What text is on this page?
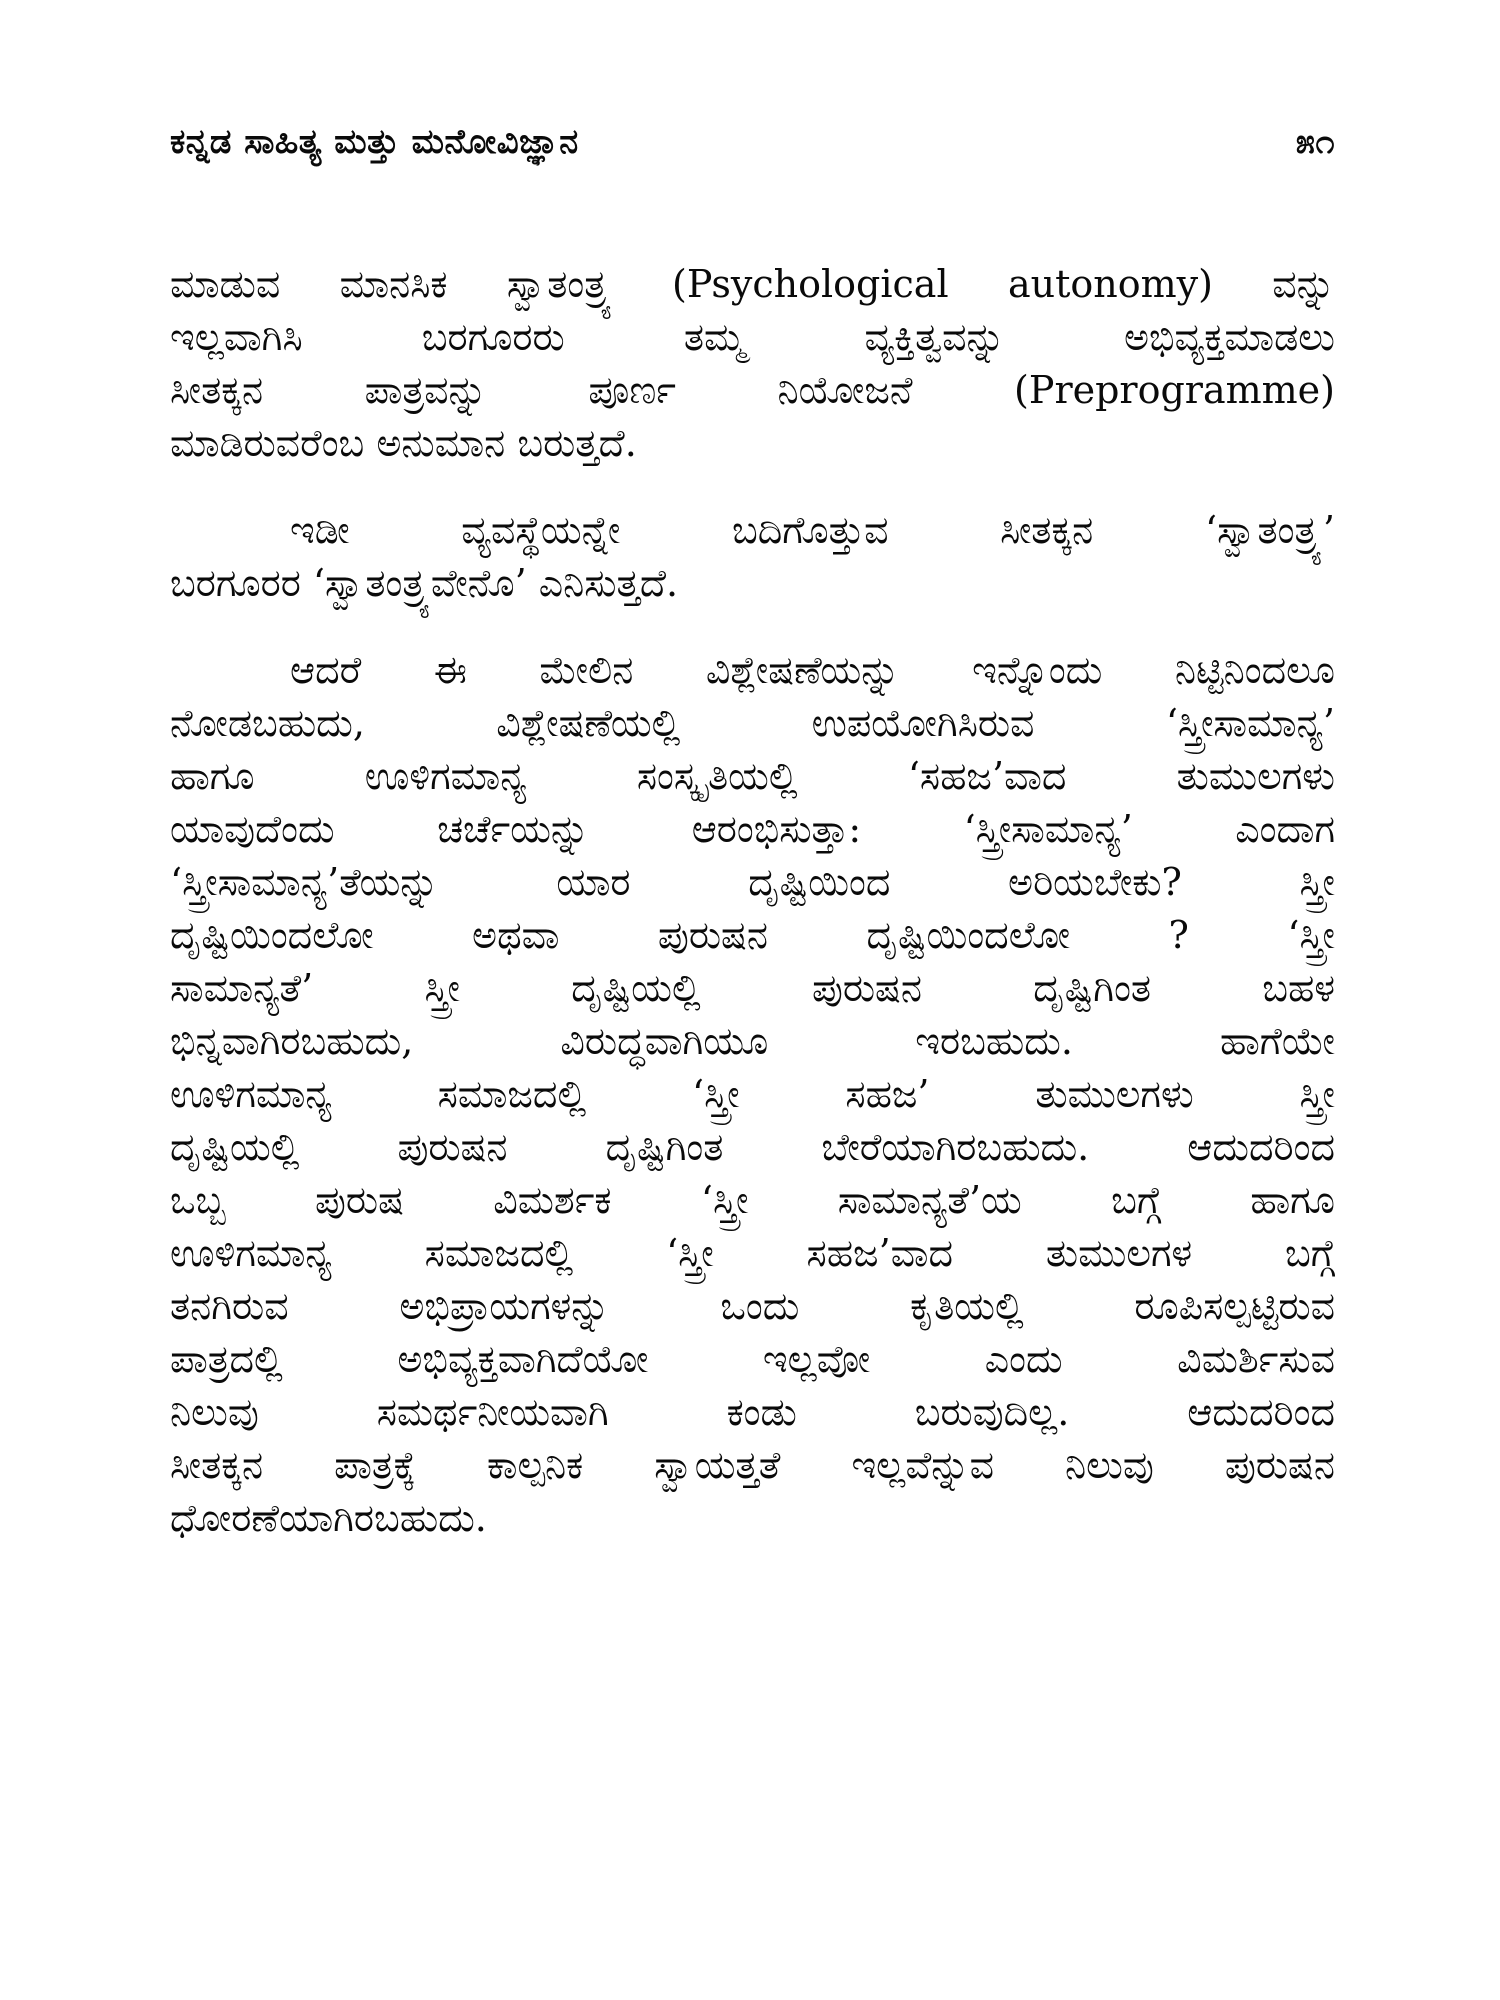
ಕನ್ನಡ ಸಾಹಿತ್ಯ ಮತ್ತು ಮನೋವಿಜ್ಞಾನ	೫೧

ಮಾಡುವ ಮಾನಸಿಕ ಸ್ವಾತಂತ್ರ್ಯ (Psychological autonomy) ವನ್ನು
ಇಲ್ಲವಾಗಿಸಿ ಬರಗೂರರು ತಮ್ಮ ವ್ಯಕ್ತಿತ್ವವನ್ನು ಅಭಿವ್ಯಕ್ತಮಾಡಲು
ಸೀತಕ್ಕನ ಪಾತ್ರವನ್ನು ಪೂರ್ಣ ನಿಯೋಜನೆ (Preprogramme)
ಮಾಡಿರುವರೆಂಬ ಅನುಮಾನ ಬರುತ್ತದೆ.

ಇಡೀ ವ್ಯವಸ್ಥೆಯನ್ನೇ ಬದಿಗೊತ್ತುವ ಸೀತಕ್ಕನ ‘ಸ್ವಾತಂತ್ರ್ಯ’
ಬರಗೂರರ ‘ಸ್ವಾತಂತ್ರ್ಯವೇನೊ’ ಎನಿಸುತ್ತದೆ.

ಆದರೆ ಈ ಮೇಲಿನ ವಿಶ್ಲೇಷಣೆಯನ್ನು ಇನ್ನೊಂದು ನಿಟ್ಟಿನಿಂದಲೂ
ನೋಡಬಹುದು, ವಿಶ್ಲೇಷಣೆಯಲ್ಲಿ ಉಪಯೋಗಿಸಿರುವ ‘ಸ್ತ್ರೀಸಾಮಾನ್ಯ’
ಹಾಗೂ ಊಳಿಗಮಾನ್ಯ ಸಂಸ್ಕೃತಿಯಲ್ಲಿ ‘ಸಹಜ’ವಾದ ತುಮುಲಗಳು
ಯಾವುದೆಂದು ಚರ್ಚೆಯನ್ನು ಆರಂಭಿಸುತ್ತಾ: ‘ಸ್ತ್ರೀಸಾಮಾನ್ಯ’ ಎಂದಾಗ
‘ಸ್ತ್ರೀಸಾಮಾನ್ಯ’ತೆಯನ್ನು ಯಾರ ದೃಷ್ಟಿಯಿಂದ ಅರಿಯಬೇಕು? ಸ್ತ್ರೀ
ದೃಷ್ಟಿಯಿಂದಲೋ ಅಥವಾ ಪುರುಷನ ದೃಷ್ಟಿಯಿಂದಲೋ ? ‘ಸ್ತ್ರೀ
ಸಾಮಾನ್ಯತೆ’ ಸ್ತ್ರೀ ದೃಷ್ಟಿಯಲ್ಲಿ ಪುರುಷನ ದೃಷ್ಟಿಗಿಂತ ಬಹಳ
ಭಿನ್ನವಾಗಿರಬಹುದು, ವಿರುದ್ಧವಾಗಿಯೂ ಇರಬಹುದು. ಹಾಗೆಯೇ
ಊಳಿಗಮಾನ್ಯ ಸಮಾಜದಲ್ಲಿ ‘ಸ್ತ್ರೀ ಸಹಜ’ ತುಮುಲಗಳು ಸ್ತ್ರೀ
ದೃಷ್ಟಿಯಲ್ಲಿ ಪುರುಷನ ದೃಷ್ಟಿಗಿಂತ ಬೇರೆಯಾಗಿರಬಹುದು. ಆದುದರಿಂದ
ಒಬ್ಬ ಪುರುಷ ವಿಮರ್ಶಕ ‘ಸ್ತ್ರೀ ಸಾಮಾನ್ಯತೆ’ಯ ಬಗ್ಗೆ ಹಾಗೂ
ಊಳಿಗಮಾನ್ಯ ಸಮಾಜದಲ್ಲಿ ‘ಸ್ತ್ರೀ ಸಹಜ’ವಾದ ತುಮುಲಗಳ ಬಗ್ಗೆ
ತನಗಿರುವ ಅಭಿಪ್ರಾಯಗಳನ್ನು ಒಂದು ಕೃತಿಯಲ್ಲಿ ರೂಪಿಸಲ್ಪಟ್ಟಿರುವ
ಪಾತ್ರದಲ್ಲಿ ಅಭಿವ್ಯಕ್ತವಾಗಿದೆಯೋ ಇಲ್ಲವೋ ಎಂದು ವಿಮರ್ಶಿಸುವ
ನಿಲುವು ಸಮರ್ಥನೀಯವಾಗಿ ಕಂಡು ಬರುವುದಿಲ್ಲ. ಆದುದರಿಂದ
ಸೀತಕ್ಕನ ಪಾತ್ರಕ್ಕೆ ಕಾಲ್ಪನಿಕ ಸ್ವಾಯತ್ತತೆ ಇಲ್ಲವೆನ್ನುವ ನಿಲುವು ಪುರುಷನ
ಧೋರಣೆಯಾಗಿರಬಹುದು.
